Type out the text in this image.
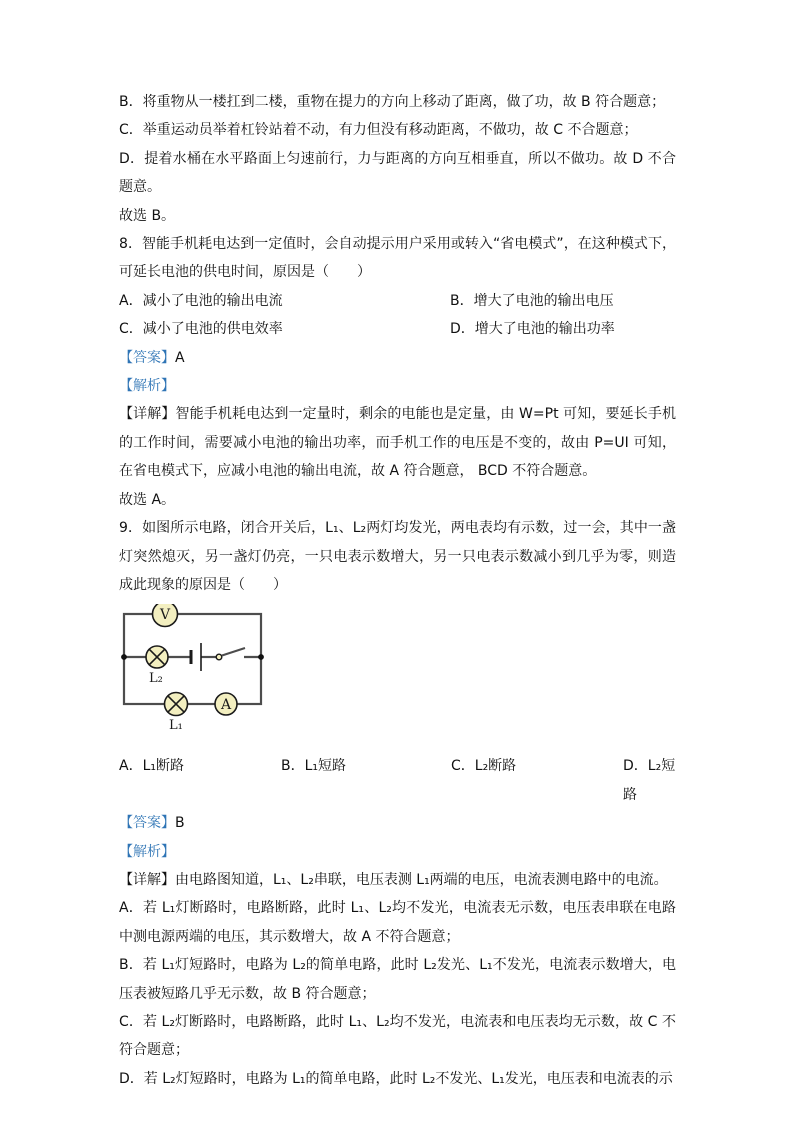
B．将重物从一楼扛到二楼，重物在提力的方向上移动了距离，做了功，故 B 符合题意；

C．举重运动员举着杠铃站着不动，有力但没有移动距离，不做功，故 C 不合题意；

D．提着水桶在水平路面上匀速前行，力与距离的方向互相垂直，所以不做功。故 D 不合题意。

故选 B。

8．智能手机耗电达到一定值时，会自动提示用户采用或转入“省电模式”，在这种模式下，可延长电池的供电时间，原因是（　　）

A．减小了电池的输出电流	B．增大了电池的输出电压
C．减小了电池的供电效率	D．增大了电池的输出功率

【答案】A

【解析】

【详解】智能手机耗电达到一定量时，剩余的电能也是定量，由 W=Pt 可知，要延长手机的工作时间，需要减小电池的输出功率，而手机工作的电压是不变的，故由 P=UI 可知，在省电模式下，应减小电池的输出电流，故 A 符合题意， BCD 不符合题意。

故选 A。

9．如图所示电路，闭合开关后，L₁、L₂两灯均发光，两电表均有示数，过一会，其中一盏灯突然熄灭，另一盏灯仍亮，一只电表示数增大，另一只电表示数减小到几乎为零，则造成此现象的原因是（　　）

V
L₂
L₁
A
A．L₁断路	B．L₁短路	C．L₂断路	D．L₂短路

【答案】B

【解析】

【详解】由电路图知道，L₁、L₂串联，电压表测 L₁两端的电压，电流表测电路中的电流。

A．若 L₁灯断路时，电路断路，此时 L₁、L₂均不发光，电流表无示数，电压表串联在电路中测电源两端的电压，其示数增大，故 A 不符合题意；

B．若 L₁灯短路时，电路为 L₂的简单电路，此时 L₂发光、L₁不发光，电流表示数增大，电压表被短路几乎无示数，故 B 符合题意；

C．若 L₂灯断路时，电路断路，此时 L₁、L₂均不发光，电流表和电压表均无示数，故 C 不符合题意；

D．若 L₂灯短路时，电路为 L₁的简单电路，此时 L₂不发光、L₁发光，电压表和电流表的示
